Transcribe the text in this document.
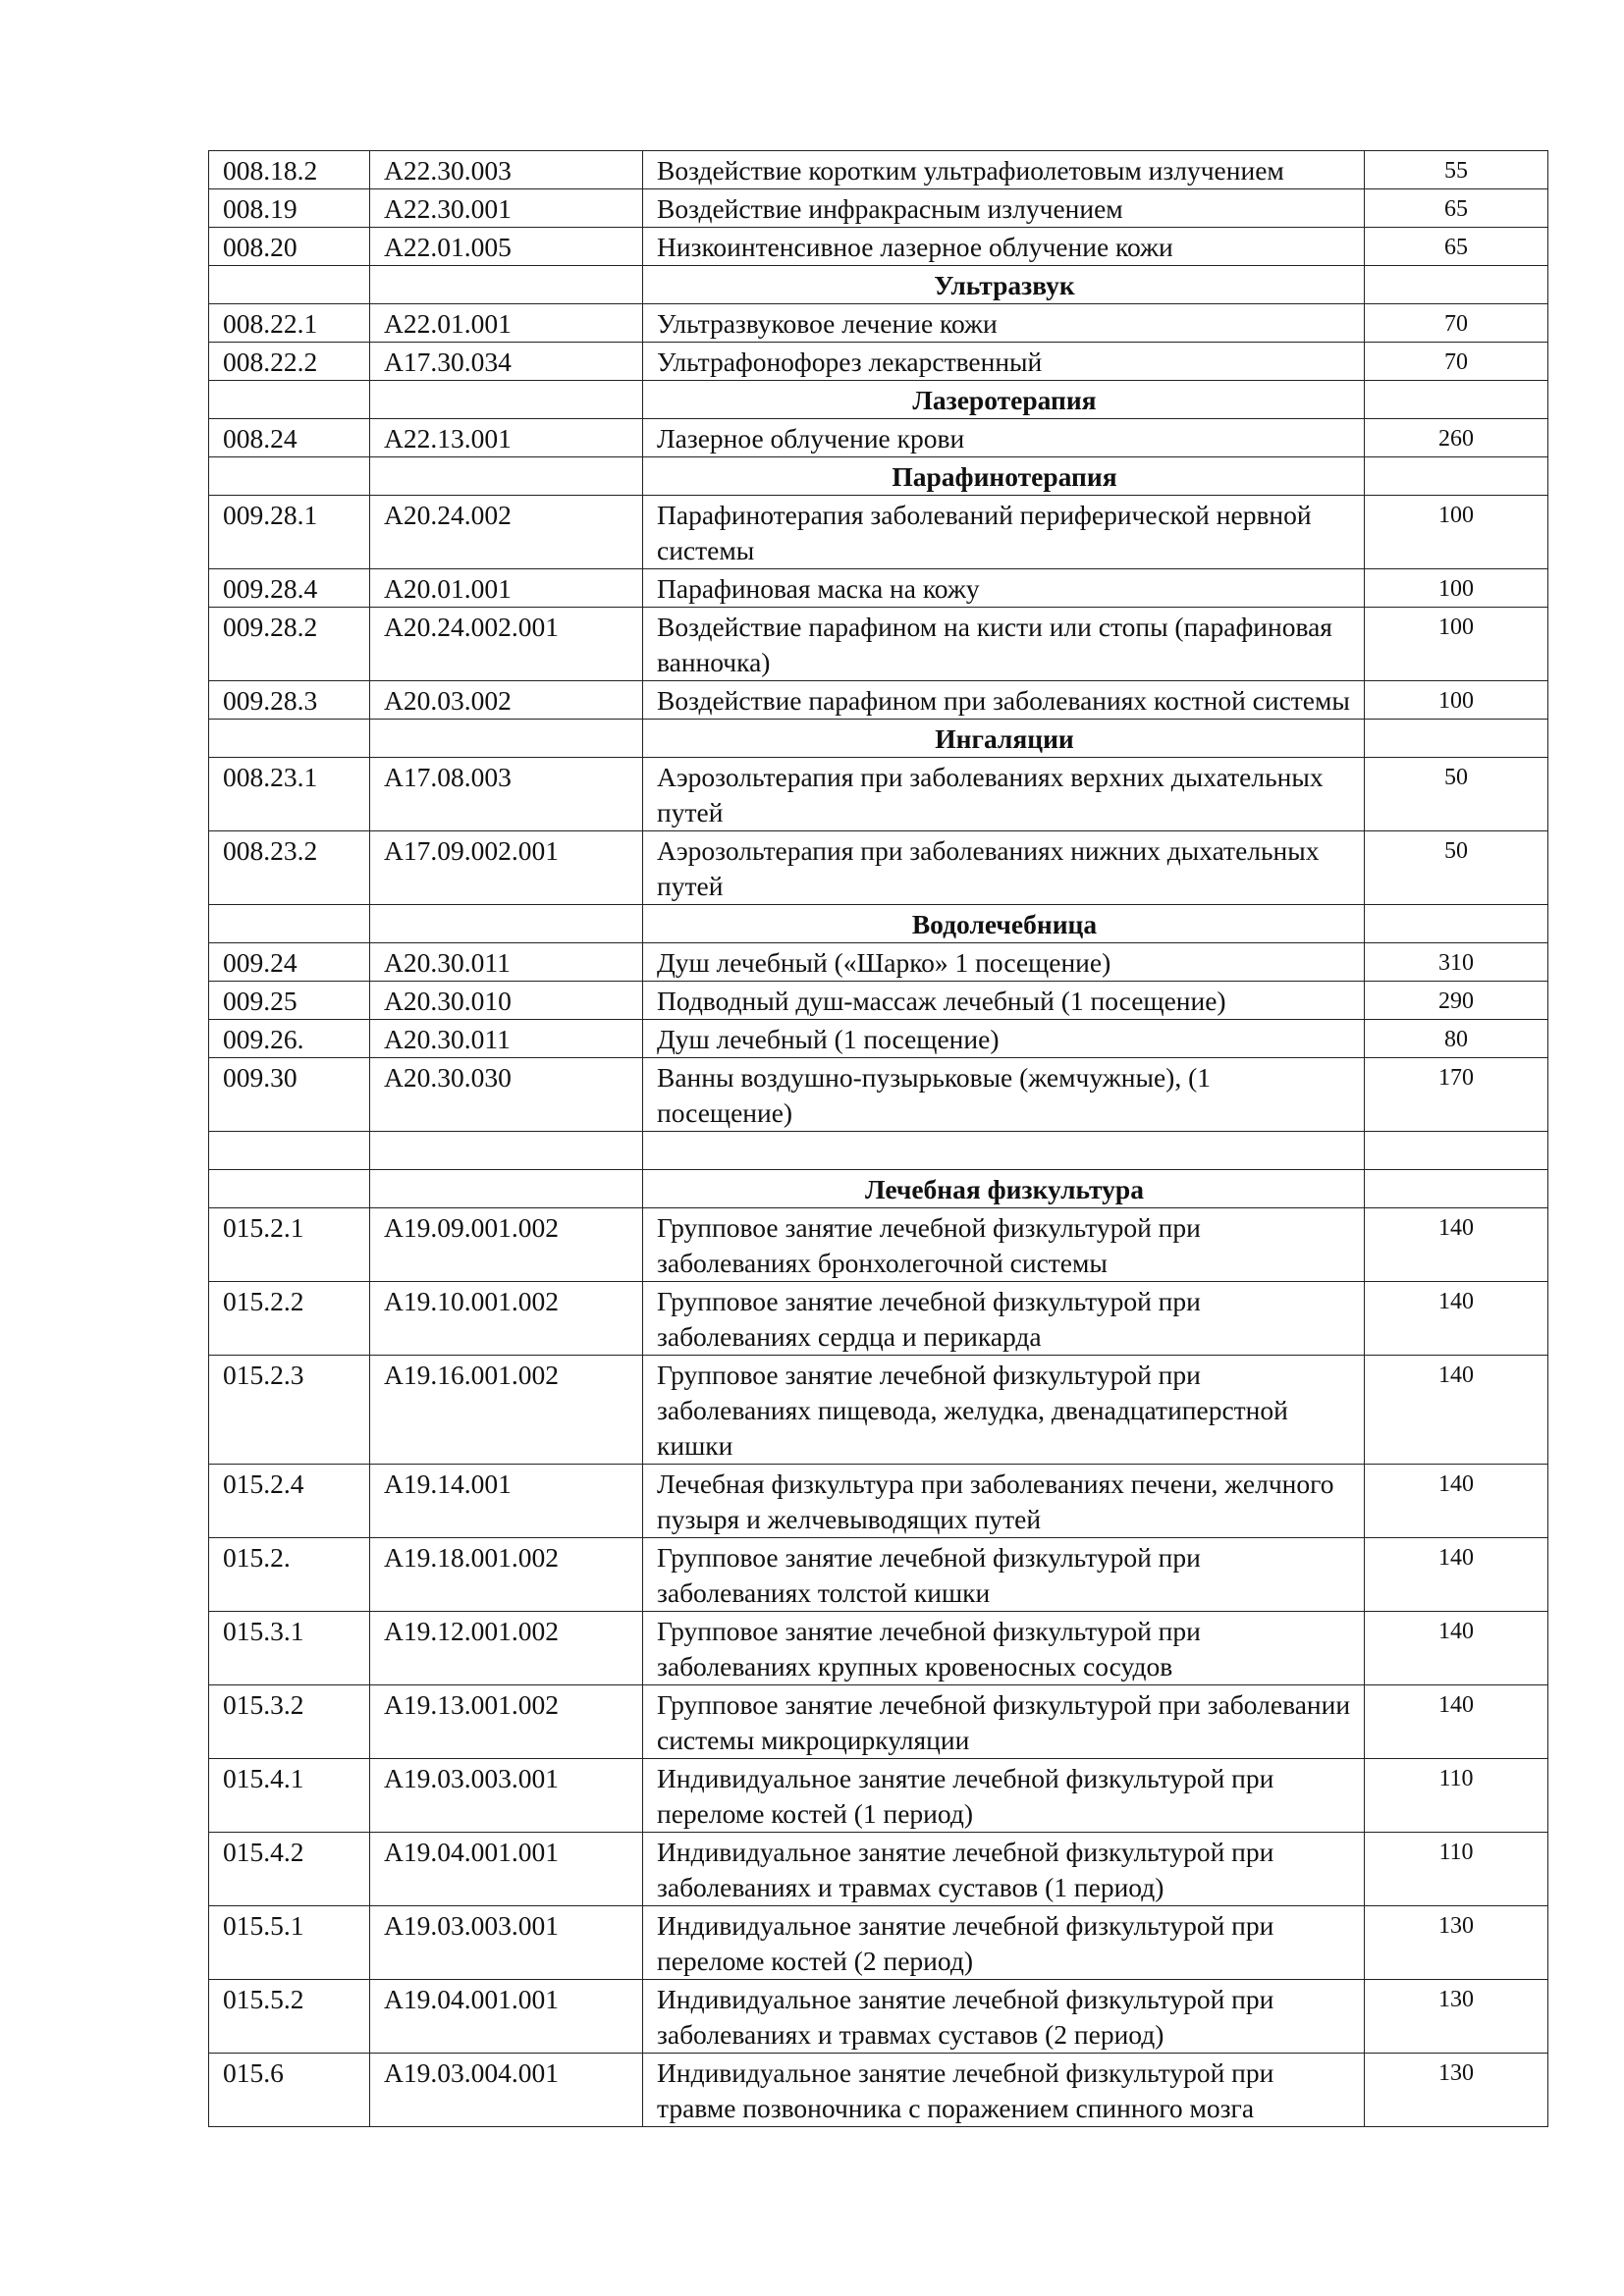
008.18.2	А22.30.003	Воздействие коротким ультрафиолетовым излучением	55
008.19	А22.30.001	Воздействие инфракрасным излучением	65
008.20	А22.01.005	Низкоинтенсивное лазерное облучение кожи	65
		Ультразвук	
008.22.1	А22.01.001	Ультразвуковое лечение кожи	70
008.22.2	А17.30.034	Ультрафонофорез лекарственный	70
		Лазеротерапия	
008.24	А22.13.001	Лазерное облучение крови	260
		Парафинотерапия	
009.28.1	А20.24.002	Парафинотерапия заболеваний периферической нервной системы	100
009.28.4	А20.01.001	Парафиновая маска на кожу	100
009.28.2	А20.24.002.001	Воздействие парафином на кисти или стопы (парафиновая ванночка)	100
009.28.3	А20.03.002	Воздействие парафином при заболеваниях костной системы	100
		Ингаляции	
008.23.1	А17.08.003	Аэрозольтерапия при заболеваниях верхних дыхательных путей	50
008.23.2	А17.09.002.001	Аэрозольтерапия при заболеваниях нижних дыхательных путей	50
		Водолечебница	
009.24	А20.30.011	Душ лечебный («Шарко» 1 посещение)	310
009.25	А20.30.010	Подводный душ-массаж лечебный (1 посещение)	290
009.26.	А20.30.011	Душ лечебный (1 посещение)	80
009.30	А20.30.030	Ванны воздушно-пузырьковые (жемчужные), (1 посещение)	170

		Лечебная физкультура	
015.2.1	А19.09.001.002	Групповое занятие лечебной физкультурой при заболеваниях бронхолегочной системы	140
015.2.2	А19.10.001.002	Групповое занятие лечебной физкультурой при заболеваниях сердца и перикарда	140
015.2.3	А19.16.001.002	Групповое занятие лечебной физкультурой при заболеваниях пищевода, желудка, двенадцатиперстной кишки	140
015.2.4	А19.14.001	Лечебная физкультура при заболеваниях печени, желчного пузыря и желчевыводящих путей	140
015.2.	А19.18.001.002	Групповое занятие лечебной физкультурой при заболеваниях толстой кишки	140
015.3.1	А19.12.001.002	Групповое занятие лечебной физкультурой при заболеваниях крупных кровеносных сосудов	140
015.3.2	А19.13.001.002	Групповое занятие лечебной физкультурой при заболевании системы микроциркуляции	140
015.4.1	А19.03.003.001	Индивидуальное занятие лечебной физкультурой при переломе костей (1 период)	110
015.4.2	А19.04.001.001	Индивидуальное занятие лечебной физкультурой при заболеваниях и травмах суставов (1 период)	110
015.5.1	А19.03.003.001	Индивидуальное занятие лечебной физкультурой при переломе костей (2 период)	130
015.5.2	А19.04.001.001	Индивидуальное занятие лечебной физкультурой при заболеваниях и травмах суставов (2 период)	130
015.6	А19.03.004.001	Индивидуальное занятие лечебной физкультурой при травме позвоночника с поражением спинного мозга	130
